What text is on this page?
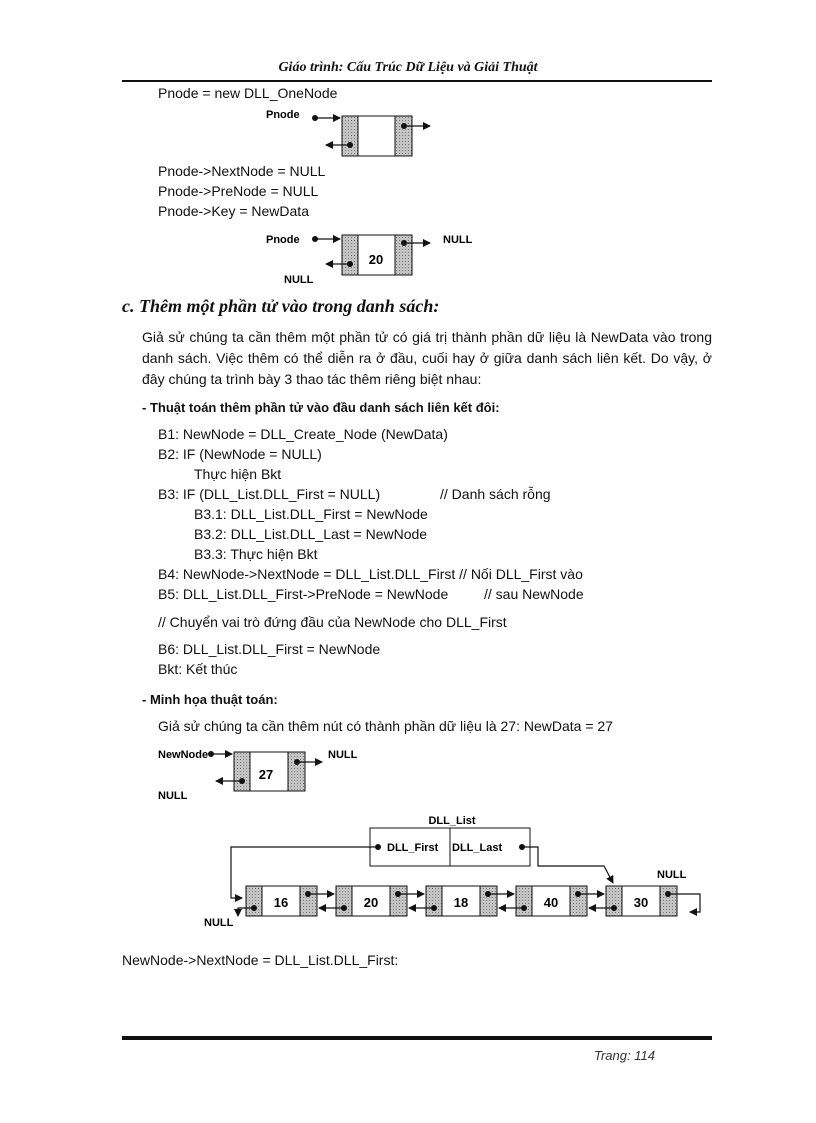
Giáo trình: Cấu Trúc Dữ Liệu và Giải Thuật
Pnode = new DLL_OneNode
Pnode->NextNode = NULL
Pnode->PreNode = NULL
Pnode->Key = NewData
c. Thêm một phần tử vào trong danh sách:
Giả sử chúng ta cần thêm một phần tử có giá trị thành phần dữ liệu là NewData vào trong danh sách. Việc thêm có thể diễn ra ở đầu, cuối hay ở giữa danh sách liên kết. Do vậy, ở đây chúng ta trình bày 3 thao tác thêm riêng biệt nhau:
- Thuật toán thêm phần tử vào đầu danh sách liên kết đôi:
B1: NewNode = DLL_Create_Node (NewData)
B2: IF (NewNode = NULL)
Thực hiện Bkt
B3: IF (DLL_List.DLL_First = NULL)	// Danh sách rỗng
B3.1: DLL_List.DLL_First = NewNode
B3.2: DLL_List.DLL_Last = NewNode
B3.3: Thực hiện Bkt
B4: NewNode->NextNode = DLL_List.DLL_First // Nối DLL_First vào
B5: DLL_List.DLL_First->PreNode = NewNode	// sau NewNode
// Chuyển vai trò đứng đầu của NewNode cho DLL_First
B6: DLL_List.DLL_First = NewNode
Bkt: Kết thúc
- Minh họa thuật toán:
Giả sử chúng ta cần thêm nút có thành phần dữ liệu là 27: NewData = 27
NewNode->NextNode = DLL_List.DLL_First:
Trang: 114
Pnode
Pnode
20
NULL
NULL
NewNode
27
NULL
NULL
DLL_List
DLL_First DLL_Last
NULL
NULL
16	20	18	40	30
